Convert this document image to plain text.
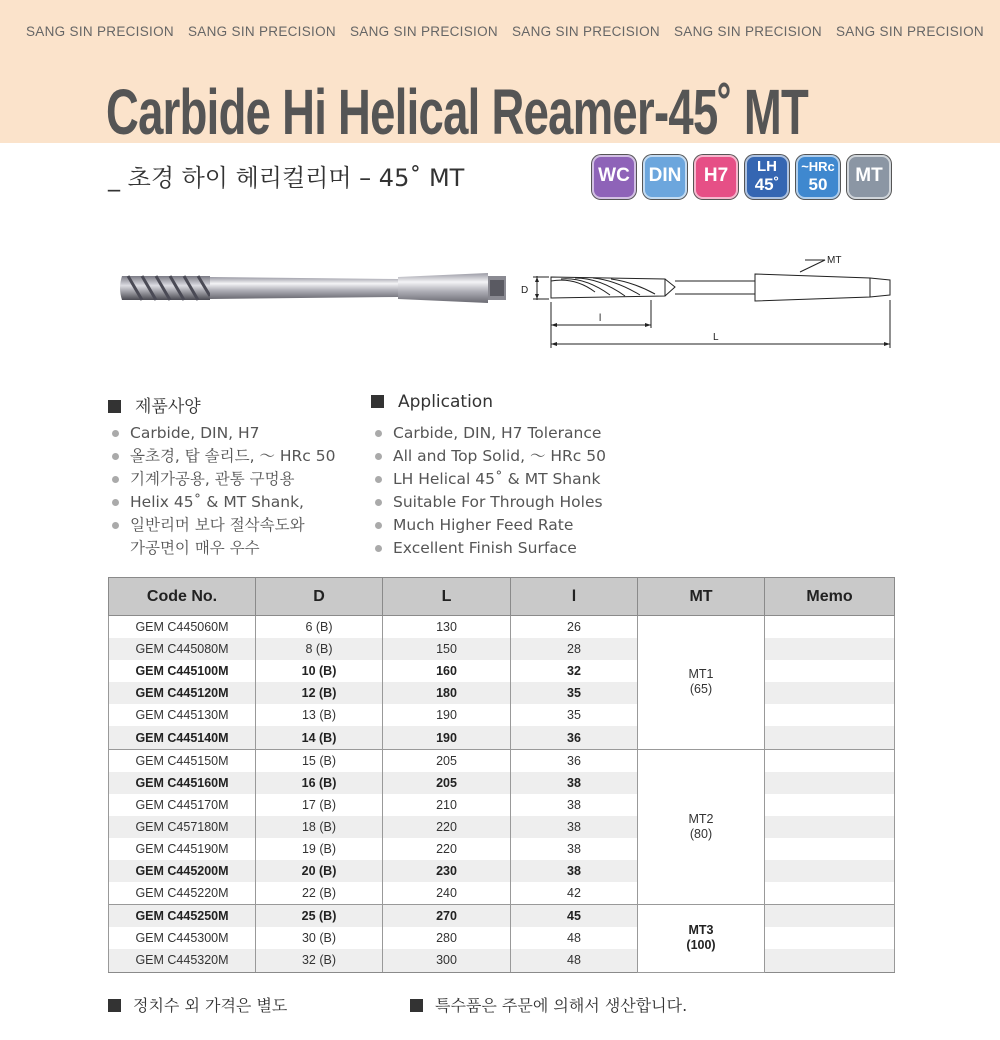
SANG SIN PRECISION SANG SIN PRECISION SANG SIN PRECISION SANG SIN PRECISION SANG SIN PRECISION SANG SIN PRECISION
Carbide Hi Helical Reamer-45˚ MT
_ 초경 하이 헤리컬리머 – 45˚ MT	WC DIN	H7	LH
45˚
~HRc
50	MT
MT
D
l
L
제품사양
Carbide, DIN, H7
올초경, 탑 솔리드, ～ HRc 50
기계가공용, 관통 구멍용
Helix 45˚ & MT Shank,
일반리머 보다 절삭속도와
가공면이 매우 우수
Application
Carbide, DIN, H7 Tolerance
All and Top Solid, ～ HRc 50
LH Helical 45˚ & MT Shank
Suitable For Through Holes
Much Higher Feed Rate
Excellent Finish Surface
Code No.	D	L	l	MT	Memo
GEM C445060M	6 (B)	130	26	MT1
(65)	

GEM C445080M	8 (B)	150	28		
GEM C445100M	10 (B)	160	32		
GEM C445120M	12 (B)	180	35		
GEM C445130M	13 (B)	190	35		
GEM C445140M	14 (B)	190	36		
GEM C445150M	15 (B)	205	36	MT2
(80)	

GEM C445160M	16 (B)	205	38		
GEM C445170M	17 (B)	210	38		
GEM C457180M	18 (B)	220	38		
GEM C445190M	19 (B)	220	38		
GEM C445200M	20 (B)	230	38		
GEM C445220M	22 (B)	240	42		
GEM C445250M	25 (B)	270	45	MT3
(100)	

GEM C445300M	30 (B)	280	48		
GEM C445320M	32 (B)	300	48		
정치수 외 가격은 별도	특수품은 주문에 의해서 생산합니다.
